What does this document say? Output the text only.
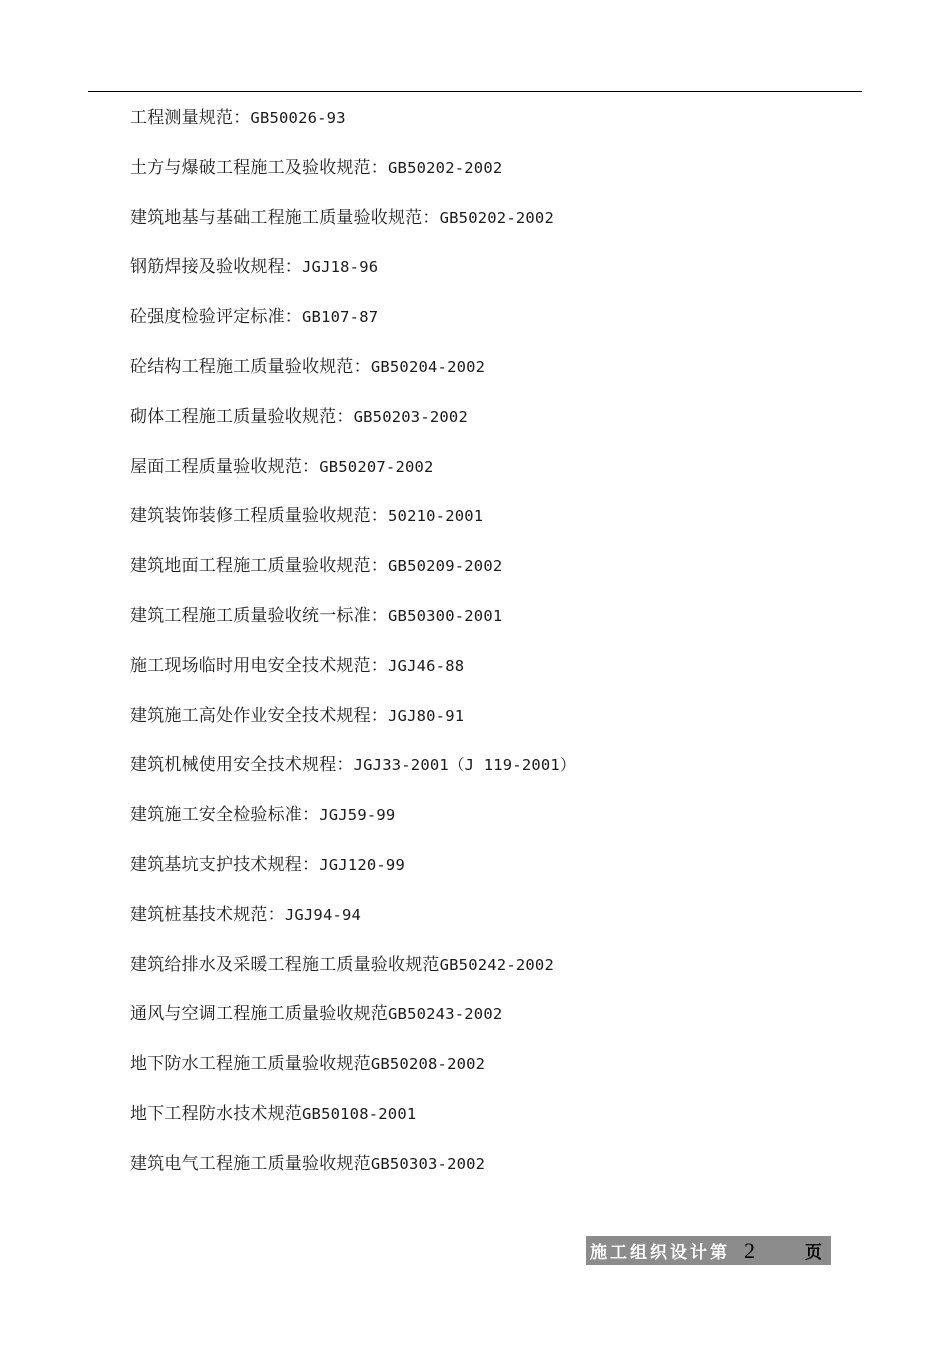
工程测量规范：GB50026-93
土方与爆破工程施工及验收规范：GB50202-2002
建筑地基与基础工程施工质量验收规范：GB50202-2002
钢筋焊接及验收规程：JGJ18-96
砼强度检验评定标准：GB107-87
砼结构工程施工质量验收规范：GB50204-2002
砌体工程施工质量验收规范：GB50203-2002
屋面工程质量验收规范：GB50207-2002
建筑装饰装修工程质量验收规范：50210-2001
建筑地面工程施工质量验收规范：GB50209-2002
建筑工程施工质量验收统一标准：GB50300-2001
施工现场临时用电安全技术规范：JGJ46-88
建筑施工高处作业安全技术规程：JGJ80-91
建筑机械使用安全技术规程：JGJ33-2001（J 119-2001）
建筑施工安全检验标准：JGJ59-99
建筑基坑支护技术规程：JGJ120-99
建筑桩基技术规范：JGJ94-94
建筑给排水及采暖工程施工质量验收规范GB50242-2002
通风与空调工程施工质量验收规范GB50243-2002
地下防水工程施工质量验收规范GB50208-2002
地下工程防水技术规范GB50108-2001
建筑电气工程施工质量验收规范GB50303-2002
施工组织设计第 2	页
